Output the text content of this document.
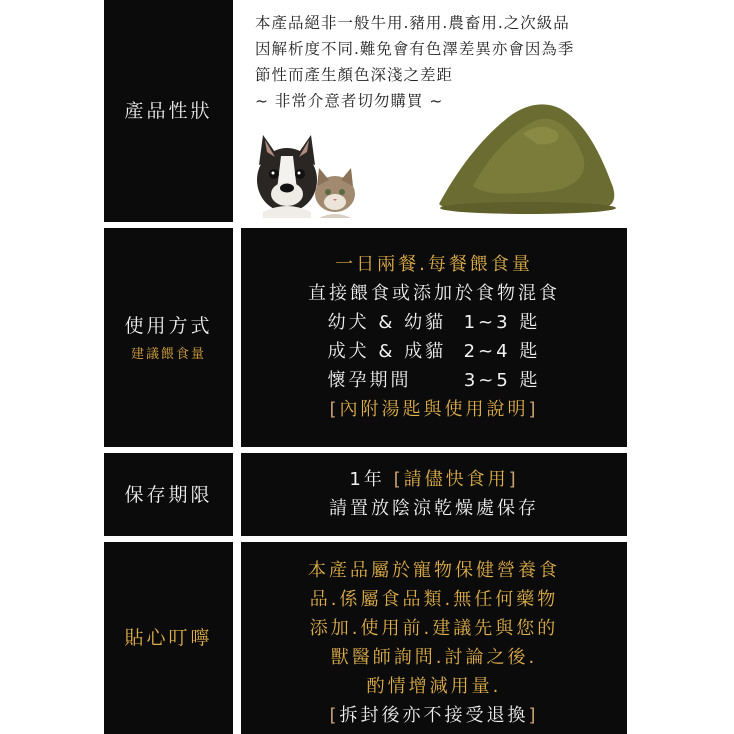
產品性狀
本產品絕非一般牛用.豬用.農畜用.之次級品
因解析度不同.難免會有色澤差異亦會因為季
節性而產生顏色深淺之差距
~ 非常介意者切勿購買 ~
使用方式
建議餵食量
一日兩餐.每餐餵食量
直接餵食或添加於食物混食
幼犬 & 幼貓 1~3 匙
成犬 & 成貓 2~4 匙
懷孕期間	3~5 匙
[內附湯匙與使用說明]
保存期限
1年 [請儘快食用]
請置放陰涼乾燥處保存
貼心叮嚀
本產品屬於寵物保健營養食
品.係屬食品類.無任何藥物
添加.使用前.建議先與您的
獸醫師詢問.討論之後.
酌情增減用量.
[拆封後亦不接受退換]
